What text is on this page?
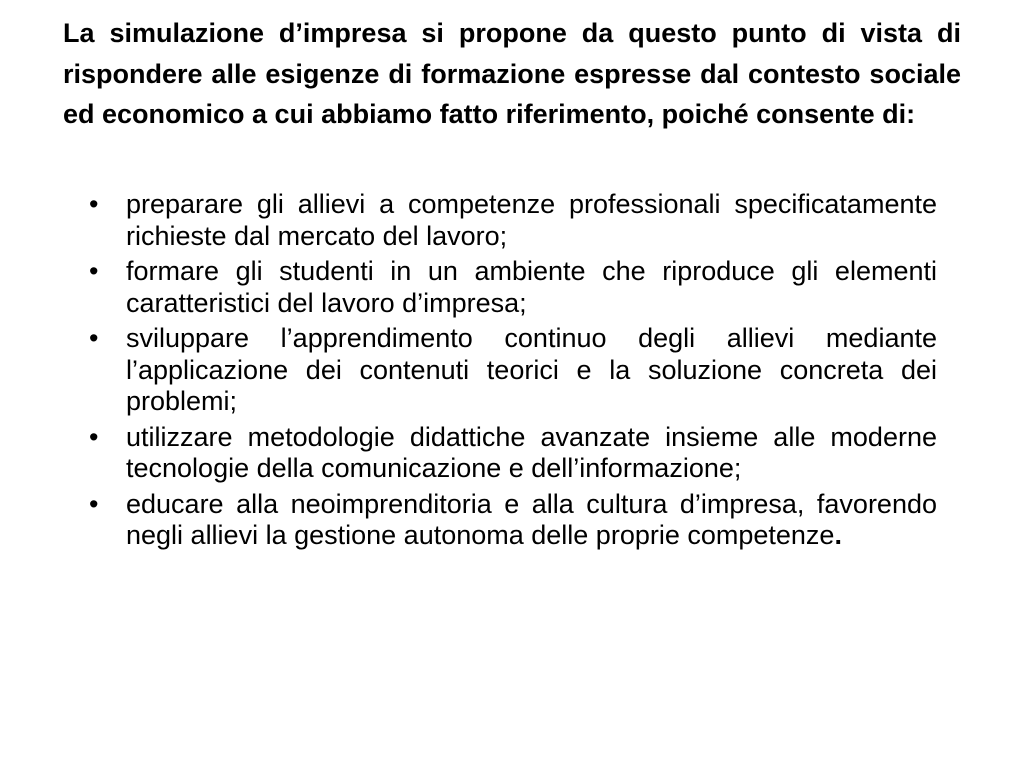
La simulazione d’impresa si propone da questo punto di vista di rispondere alle esigenze di formazione espresse dal contesto sociale ed economico a cui abbiamo fatto riferimento, poiché consente di:

•	preparare gli allievi a competenze professionali specificatamente richieste dal mercato del lavoro;
•	formare gli studenti in un ambiente che riproduce gli elementi caratteristici del lavoro d’impresa;
•	sviluppare l’apprendimento continuo degli allievi mediante l’applicazione dei contenuti teorici e la soluzione concreta dei problemi;
•	utilizzare metodologie didattiche avanzate insieme alle moderne tecnologie della comunicazione e dell’informazione;
•	educare alla neoimprenditoria e alla cultura d’impresa, favorendo negli allievi la gestione autonoma delle proprie competenze.
